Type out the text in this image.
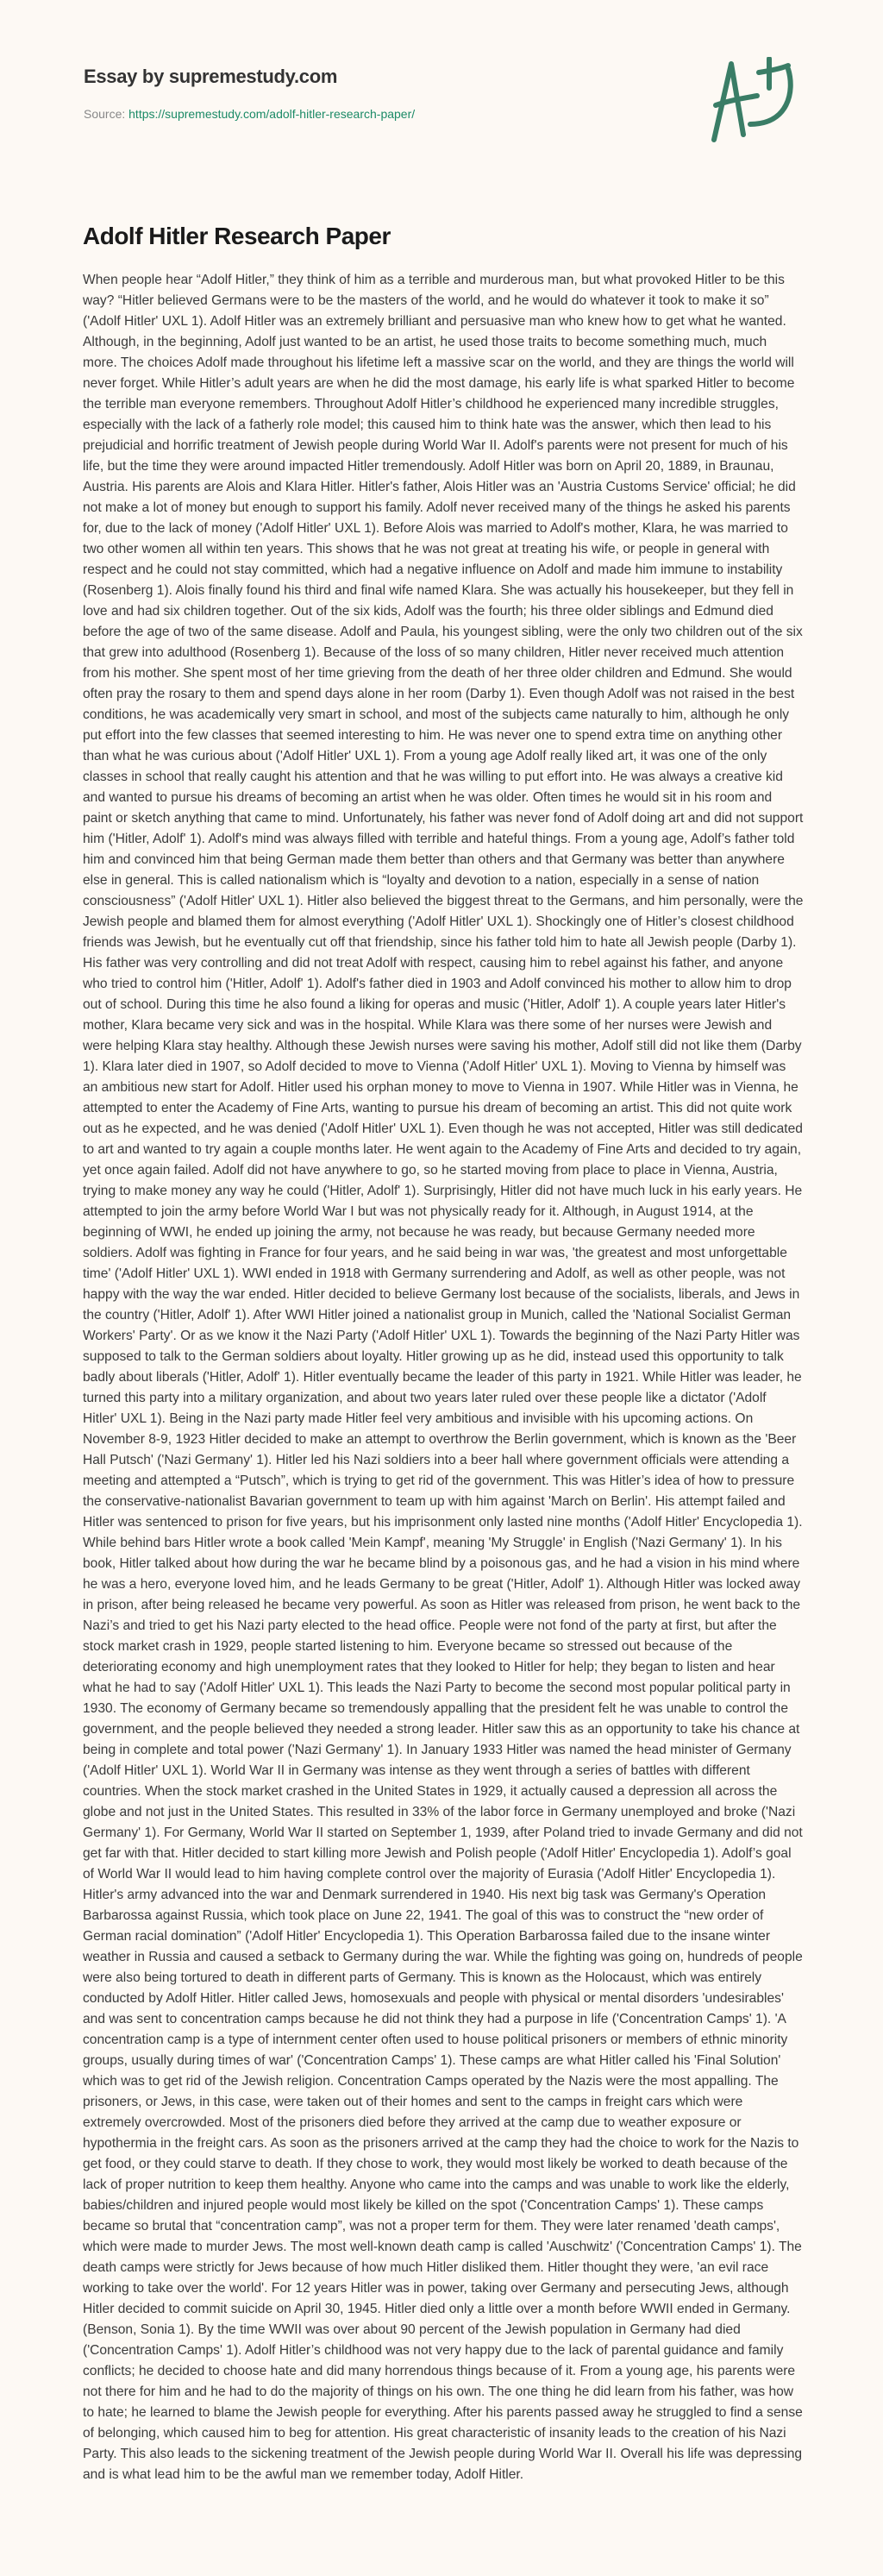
Essay by supremestudy.com
Source: https://supremestudy.com/adolf-hitler-research-paper/
Adolf Hitler Research Paper

When people hear “Adolf Hitler,” they think of him as a terrible and murderous man, but what provoked Hitler to be this way? “Hitler believed Germans were to be the masters of the world, and he would do whatever it took to make it so” ('Adolf Hitler' UXL 1). Adolf Hitler was an extremely brilliant and persuasive man who knew how to get what he wanted. Although, in the beginning, Adolf just wanted to be an artist, he used those traits to become something much, much more. The choices Adolf made throughout his lifetime left a massive scar on the world, and they are things the world will never forget. While Hitler’s adult years are when he did the most damage, his early life is what sparked Hitler to become the terrible man everyone remembers. Throughout Adolf Hitler’s childhood he experienced many incredible struggles, especially with the lack of a fatherly role model; this caused him to think hate was the answer, which then lead to his prejudicial and horrific treatment of Jewish people during World War II. Adolf's parents were not present for much of his life, but the time they were around impacted Hitler tremendously. Adolf Hitler was born on April 20, 1889, in Braunau, Austria. His parents are Alois and Klara Hitler. Hitler's father, Alois Hitler was an 'Austria Customs Service' official; he did not make a lot of money but enough to support his family. Adolf never received many of the things he asked his parents for, due to the lack of money ('Adolf Hitler' UXL 1). Before Alois was married to Adolf's mother, Klara, he was married to two other women all within ten years. This shows that he was not great at treating his wife, or people in general with respect and he could not stay committed, which had a negative influence on Adolf and made him immune to instability (Rosenberg 1). Alois finally found his third and final wife named Klara. She was actually his housekeeper, but they fell in love and had six children together. Out of the six kids, Adolf was the fourth; his three older siblings and Edmund died before the age of two of the same disease. Adolf and Paula, his youngest sibling, were the only two children out of the six that grew into adulthood (Rosenberg 1). Because of the loss of so many children, Hitler never received much attention from his mother. She spent most of her time grieving from the death of her three older children and Edmund. She would often pray the rosary to them and spend days alone in her room (Darby 1). Even though Adolf was not raised in the best conditions, he was academically very smart in school, and most of the subjects came naturally to him, although he only put effort into the few classes that seemed interesting to him. He was never one to spend extra time on anything other than what he was curious about ('Adolf Hitler' UXL 1). From a young age Adolf really liked art, it was one of the only classes in school that really caught his attention and that he was willing to put effort into. He was always a creative kid and wanted to pursue his dreams of becoming an artist when he was older. Often times he would sit in his room and paint or sketch anything that came to mind. Unfortunately, his father was never fond of Adolf doing art and did not support him ('Hitler, Adolf' 1). Adolf's mind was always filled with terrible and hateful things. From a young age, Adolf’s father told him and convinced him that being German made them better than others and that Germany was better than anywhere else in general. This is called nationalism which is “loyalty and devotion to a nation, especially in a sense of nation consciousness” ('Adolf Hitler' UXL 1). Hitler also believed the biggest threat to the Germans, and him personally, were the Jewish people and blamed them for almost everything ('Adolf Hitler' UXL 1). Shockingly one of Hitler’s closest childhood friends was Jewish, but he eventually cut off that friendship, since his father told him to hate all Jewish people (Darby 1). His father was very controlling and did not treat Adolf with respect, causing him to rebel against his father, and anyone who tried to control him ('Hitler, Adolf' 1). Adolf's father died in 1903 and Adolf convinced his mother to allow him to drop out of school. During this time he also found a liking for operas and music ('Hitler, Adolf' 1). A couple years later Hitler's mother, Klara became very sick and was in the hospital. While Klara was there some of her nurses were Jewish and were helping Klara stay healthy. Although these Jewish nurses were saving his mother, Adolf still did not like them (Darby 1). Klara later died in 1907, so Adolf decided to move to Vienna ('Adolf Hitler' UXL 1). Moving to Vienna by himself was an ambitious new start for Adolf. Hitler used his orphan money to move to Vienna in 1907. While Hitler was in Vienna, he attempted to enter the Academy of Fine Arts, wanting to pursue his dream of becoming an artist. This did not quite work out as he expected, and he was denied ('Adolf Hitler' UXL 1). Even though he was not accepted, Hitler was still dedicated to art and wanted to try again a couple months later. He went again to the Academy of Fine Arts and decided to try again, yet once again failed. Adolf did not have anywhere to go, so he started moving from place to place in Vienna, Austria, trying to make money any way he could ('Hitler, Adolf' 1). Surprisingly, Hitler did not have much luck in his early years. He attempted to join the army before World War I but was not physically ready for it. Although, in August 1914, at the beginning of WWI, he ended up joining the army, not because he was ready, but because Germany needed more soldiers. Adolf was fighting in France for four years, and he said being in war was, 'the greatest and most unforgettable time' ('Adolf Hitler' UXL 1). WWI ended in 1918 with Germany surrendering and Adolf, as well as other people, was not happy with the way the war ended. Hitler decided to believe Germany lost because of the socialists, liberals, and Jews in the country ('Hitler, Adolf' 1). After WWI Hitler joined a nationalist group in Munich, called the 'National Socialist German Workers' Party'. Or as we know it the Nazi Party ('Adolf Hitler' UXL 1). Towards the beginning of the Nazi Party Hitler was supposed to talk to the German soldiers about loyalty. Hitler growing up as he did, instead used this opportunity to talk badly about liberals ('Hitler, Adolf' 1). Hitler eventually became the leader of this party in 1921. While Hitler was leader, he turned this party into a military organization, and about two years later ruled over these people like a dictator ('Adolf Hitler' UXL 1). Being in the Nazi party made Hitler feel very ambitious and invisible with his upcoming actions. On November 8-9, 1923 Hitler decided to make an attempt to overthrow the Berlin government, which is known as the 'Beer Hall Putsch' ('Nazi Germany' 1). Hitler led his Nazi soldiers into a beer hall where government officials were attending a meeting and attempted a “Putsch”, which is trying to get rid of the government. This was Hitler’s idea of how to pressure the conservative-nationalist Bavarian government to team up with him against 'March on Berlin'. His attempt failed and Hitler was sentenced to prison for five years, but his imprisonment only lasted nine months ('Adolf Hitler' Encyclopedia 1). While behind bars Hitler wrote a book called 'Mein Kampf', meaning 'My Struggle' in English ('Nazi Germany' 1). In his book, Hitler talked about how during the war he became blind by a poisonous gas, and he had a vision in his mind where he was a hero, everyone loved him, and he leads Germany to be great ('Hitler, Adolf' 1). Although Hitler was locked away in prison, after being released he became very powerful. As soon as Hitler was released from prison, he went back to the Nazi’s and tried to get his Nazi party elected to the head office. People were not fond of the party at first, but after the stock market crash in 1929, people started listening to him. Everyone became so stressed out because of the deteriorating economy and high unemployment rates that they looked to Hitler for help; they began to listen and hear what he had to say ('Adolf Hitler' UXL 1). This leads the Nazi Party to become the second most popular political party in 1930. The economy of Germany became so tremendously appalling that the president felt he was unable to control the government, and the people believed they needed a strong leader. Hitler saw this as an opportunity to take his chance at being in complete and total power ('Nazi Germany' 1). In January 1933 Hitler was named the head minister of Germany ('Adolf Hitler' UXL 1). World War II in Germany was intense as they went through a series of battles with different countries. When the stock market crashed in the United States in 1929, it actually caused a depression all across the globe and not just in the United States. This resulted in 33% of the labor force in Germany unemployed and broke ('Nazi Germany' 1). For Germany, World War II started on September 1, 1939, after Poland tried to invade Germany and did not get far with that. Hitler decided to start killing more Jewish and Polish people ('Adolf Hitler' Encyclopedia 1). Adolf’s goal of World War II would lead to him having complete control over the majority of Eurasia ('Adolf Hitler' Encyclopedia 1). Hitler's army advanced into the war and Denmark surrendered in 1940. His next big task was Germany's Operation Barbarossa against Russia, which took place on June 22, 1941. The goal of this was to construct the “new order of German racial domination” ('Adolf Hitler' Encyclopedia 1). This Operation Barbarossa failed due to the insane winter weather in Russia and caused a setback to Germany during the war. While the fighting was going on, hundreds of people were also being tortured to death in different parts of Germany. This is known as the Holocaust, which was entirely conducted by Adolf Hitler. Hitler called Jews, homosexuals and people with physical or mental disorders 'undesirables' and was sent to concentration camps because he did not think they had a purpose in life ('Concentration Camps' 1). 'A concentration camp is a type of internment center often used to house political prisoners or members of ethnic minority groups, usually during times of war' ('Concentration Camps' 1). These camps are what Hitler called his 'Final Solution' which was to get rid of the Jewish religion. Concentration Camps operated by the Nazis were the most appalling. The prisoners, or Jews, in this case, were taken out of their homes and sent to the camps in freight cars which were extremely overcrowded. Most of the prisoners died before they arrived at the camp due to weather exposure or hypothermia in the freight cars. As soon as the prisoners arrived at the camp they had the choice to work for the Nazis to get food, or they could starve to death. If they chose to work, they would most likely be worked to death because of the lack of proper nutrition to keep them healthy. Anyone who came into the camps and was unable to work like the elderly, babies/children and injured people would most likely be killed on the spot ('Concentration Camps' 1). These camps became so brutal that “concentration camp”, was not a proper term for them. They were later renamed 'death camps', which were made to murder Jews. The most well-known death camp is called 'Auschwitz' ('Concentration Camps' 1). The death camps were strictly for Jews because of how much Hitler disliked them. Hitler thought they were, 'an evil race working to take over the world'. For 12 years Hitler was in power, taking over Germany and persecuting Jews, although Hitler decided to commit suicide on April 30, 1945. Hitler died only a little over a month before WWII ended in Germany. (Benson, Sonia 1). By the time WWII was over about 90 percent of the Jewish population in Germany had died ('Concentration Camps' 1). Adolf Hitler’s childhood was not very happy due to the lack of parental guidance and family conflicts; he decided to choose hate and did many horrendous things because of it. From a young age, his parents were not there for him and he had to do the majority of things on his own. The one thing he did learn from his father, was how to hate; he learned to blame the Jewish people for everything. After his parents passed away he struggled to find a sense of belonging, which caused him to beg for attention. His great characteristic of insanity leads to the creation of his Nazi Party. This also leads to the sickening treatment of the Jewish people during World War II. Overall his life was depressing and is what lead him to be the awful man we remember today, Adolf Hitler.
